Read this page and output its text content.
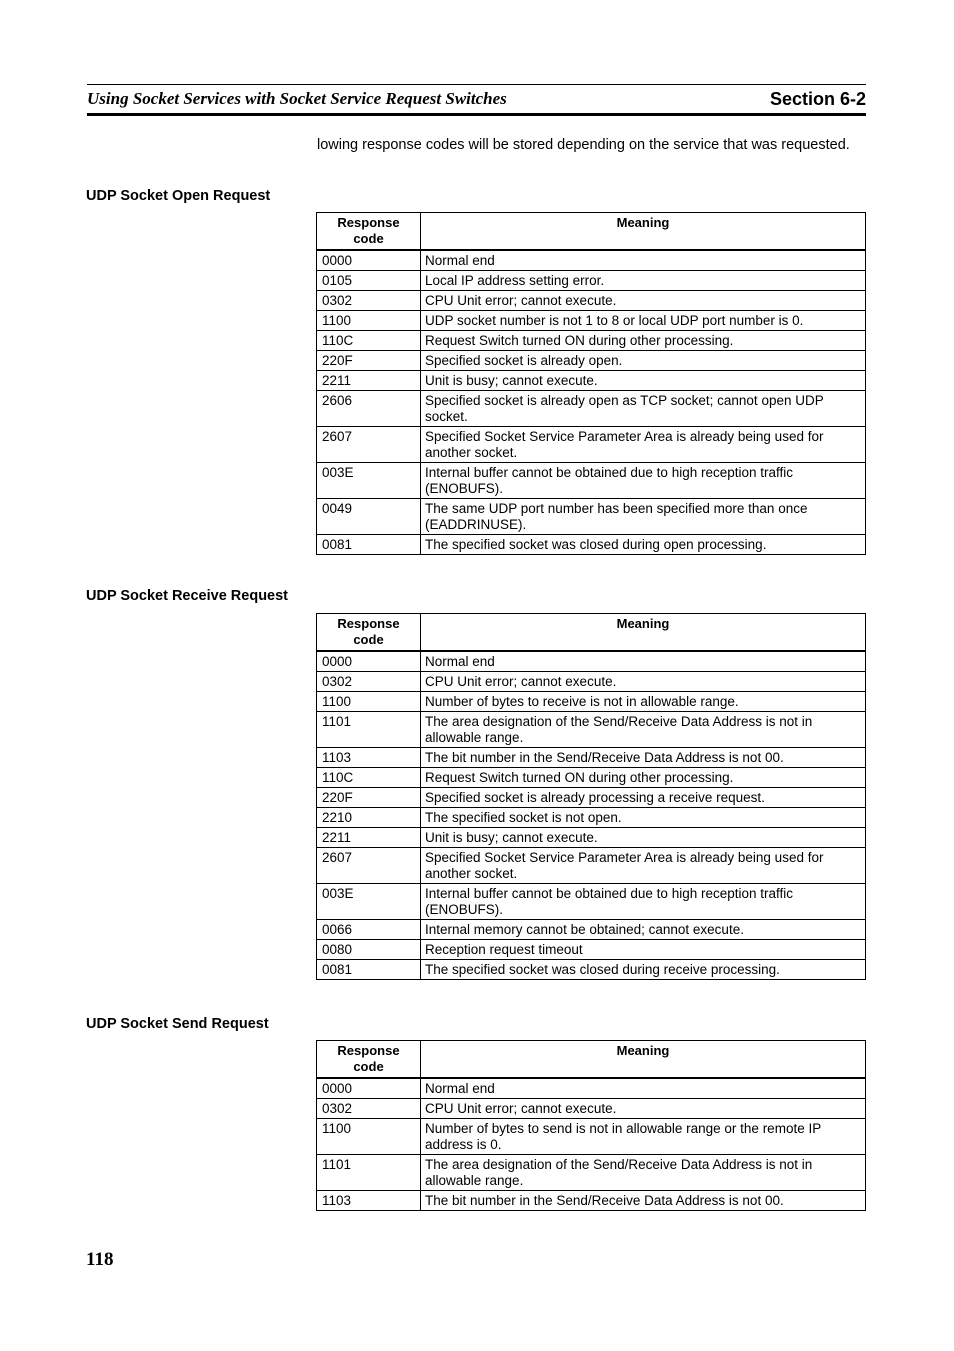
Using Socket Services with Socket Service Request Switches	Section 6-2
lowing response codes will be stored depending on the service that was requested.
UDP Socket Open Request
Response code	Meaning
0000	Normal end
0105	Local IP address setting error.
0302	CPU Unit error; cannot execute.
1100	UDP socket number is not 1 to 8 or local UDP port number is 0.
110C	Request Switch turned ON during other processing.
220F	Specified socket is already open.
2211	Unit is busy; cannot execute.
2606	Specified socket is already open as TCP socket; cannot open UDP socket.
2607	Specified Socket Service Parameter Area is already being used for another socket.
003E	Internal buffer cannot be obtained due to high reception traffic (ENOBUFS).
0049	The same UDP port number has been specified more than once (EADDRINUSE).
0081	The specified socket was closed during open processing.
UDP Socket Receive Request
Response code	Meaning
0000	Normal end
0302	CPU Unit error; cannot execute.
1100	Number of bytes to receive is not in allowable range.
1101	The area designation of the Send/Receive Data Address is not in allowable range.
1103	The bit number in the Send/Receive Data Address is not 00.
110C	Request Switch turned ON during other processing.
220F	Specified socket is already processing a receive request.
2210	The specified socket is not open.
2211	Unit is busy; cannot execute.
2607	Specified Socket Service Parameter Area is already being used for another socket.
003E	Internal buffer cannot be obtained due to high reception traffic (ENOBUFS).
0066	Internal memory cannot be obtained; cannot execute.
0080	Reception request timeout
0081	The specified socket was closed during receive processing.
UDP Socket Send Request
Response code	Meaning
0000	Normal end
0302	CPU Unit error; cannot execute.
1100	Number of bytes to send is not in allowable range or the remote IP address is 0.
1101	The area designation of the Send/Receive Data Address is not in allowable range.
1103	The bit number in the Send/Receive Data Address is not 00.
118
